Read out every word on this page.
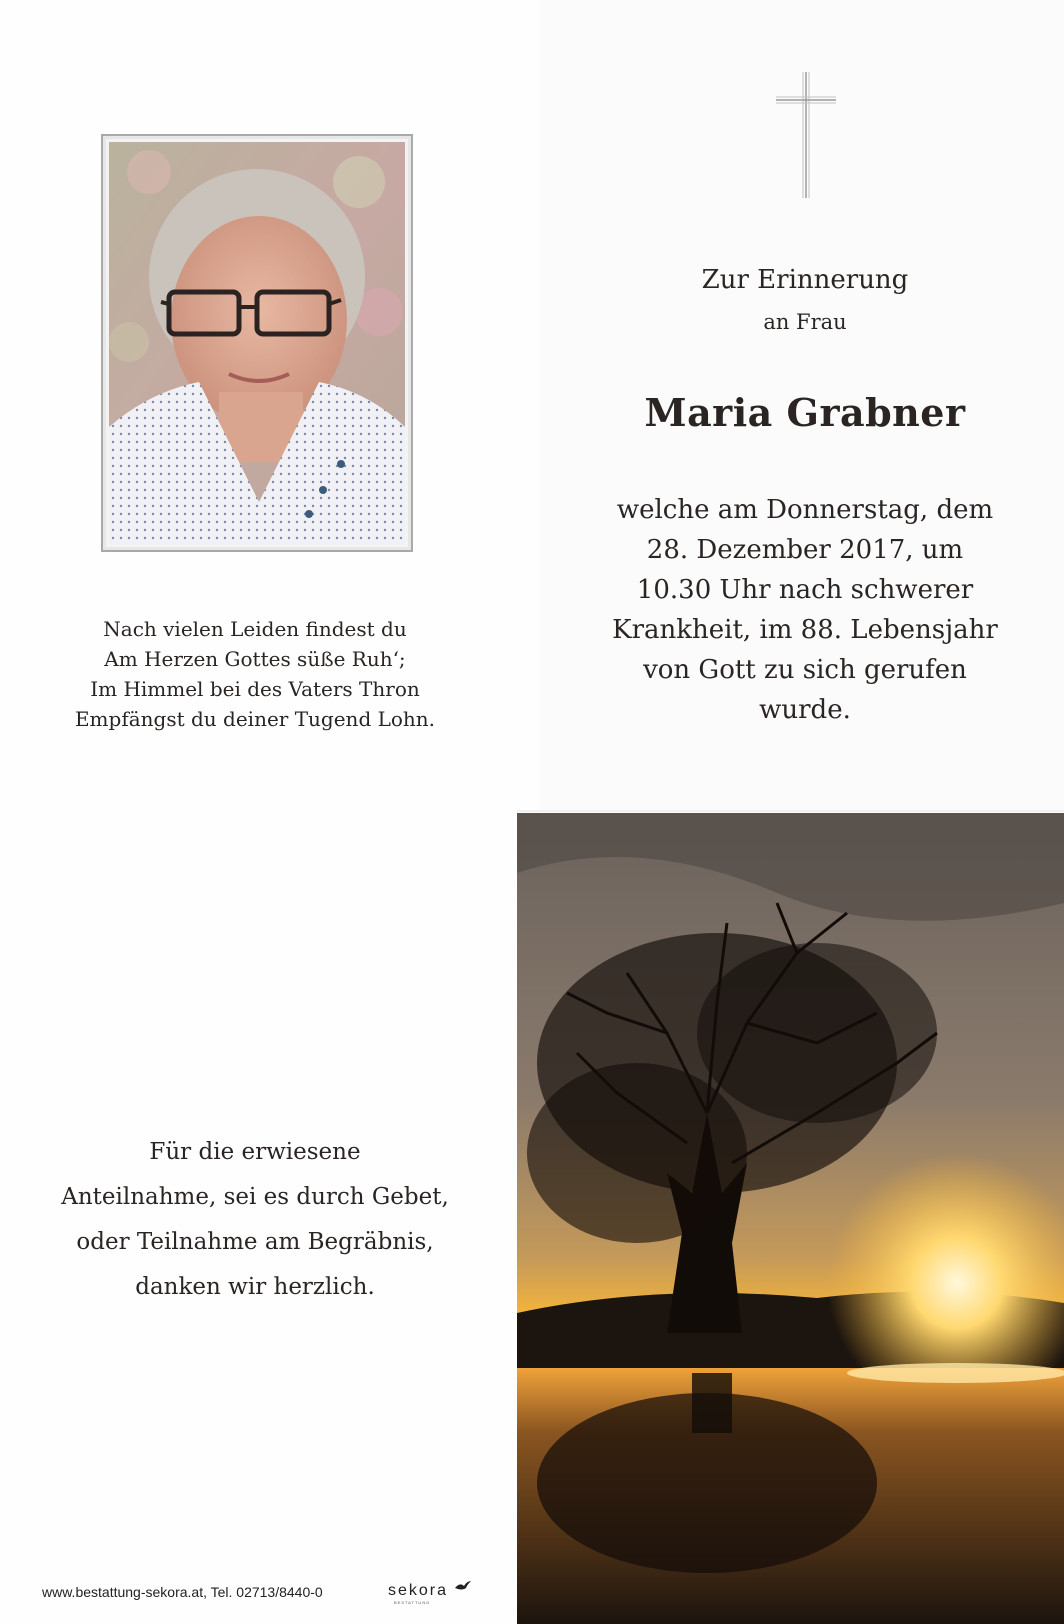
Nach vielen Leiden findest du
Am Herzen Gottes süße Ruh‘;
Im Himmel bei des Vaters Thron
Empfängst du deiner Tugend Lohn.
Zur Erinnerung
an Frau
Maria Grabner
welche am Donnerstag, dem
28. Dezember 2017, um
10.30 Uhr nach schwerer
Krankheit, im 88. Lebensjahr
von Gott zu sich gerufen
wurde.
Für die erwiesene
Anteilnahme, sei es durch Gebet,
oder Teilnahme am Begräbnis,
danken wir herzlich.
www.bestattung-sekora.at, Tel. 02713/8440-0	sekora
BESTATTUNG
